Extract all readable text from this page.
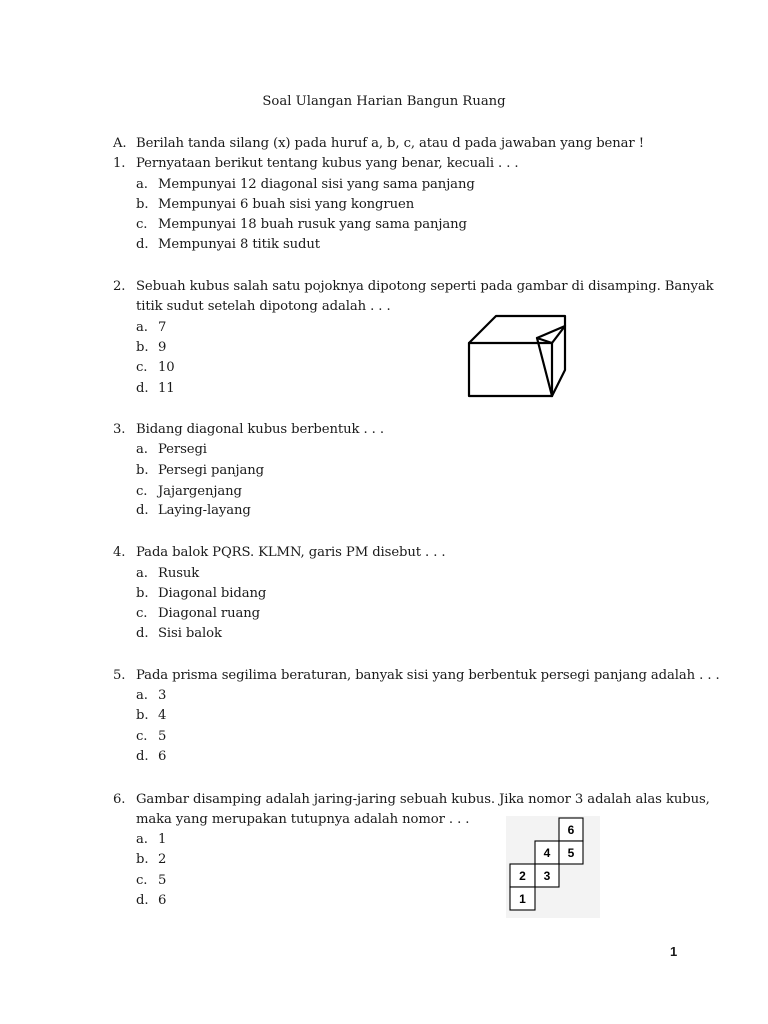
Soal Ulangan Harian Bangun Ruang
A. Berilah tanda silang (x) pada huruf a, b, c, atau d pada jawaban yang benar !
1. Pernyataan berikut tentang kubus yang benar, kecuali . . .
a. Mempunyai 12 diagonal sisi yang sama panjang
b. Mempunyai 6 buah sisi yang kongruen
c. Mempunyai 18 buah rusuk yang sama panjang
d. Mempunyai 8 titik sudut
2. Sebuah kubus salah satu pojoknya dipotong seperti pada gambar di disamping. Banyak
titik sudut setelah dipotong adalah . . .
a. 7
b. 9
c. 10
d. 11
3. Bidang diagonal kubus berbentuk . . .
a. Persegi
b. Persegi panjang
c. Jajargenjang
d. Laying-layang
4. Pada balok PQRS. KLMN, garis PM disebut . . .
a. Rusuk
b. Diagonal bidang
c. Diagonal ruang
d. Sisi balok
5. Pada prisma segilima beraturan, banyak sisi yang berbentuk persegi panjang adalah . . .
a. 3
b. 4
c. 5
d. 6
6. Gambar disamping adalah jaring-jaring sebuah kubus. Jika nomor 3 adalah alas kubus,
maka yang merupakan tutupnya adalah nomor . . .
a. 1
b. 2
c. 5
d. 6
6
4 5
2 3
1
1
